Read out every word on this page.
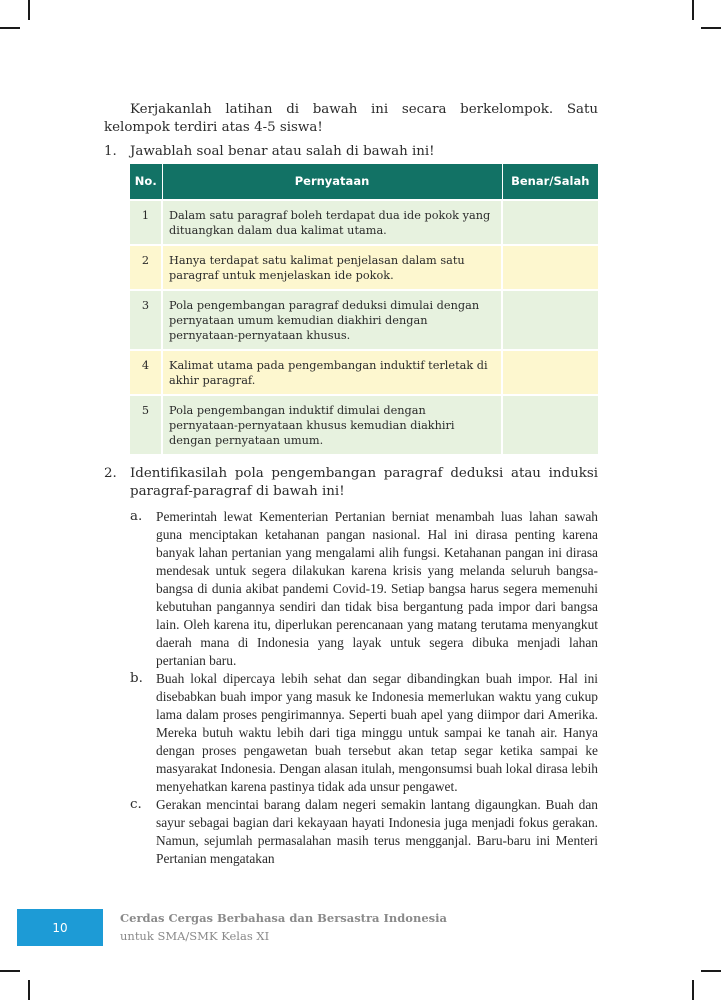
Kerjakanlah latihan di bawah ini secara berkelompok. Satu kelompok terdiri atas 4-5 siswa!

1. Jawablah soal benar atau salah di bawah ini!
No.	Pernyataan	Benar/Salah
1	Dalam satu paragraf boleh terdapat dua ide pokok yang dituangkan dalam dua kalimat utama.	
2	Hanya terdapat satu kalimat penjelasan dalam satu paragraf untuk menjelaskan ide pokok.	
3	Pola pengembangan paragraf deduksi dimulai dengan pernyataan umum kemudian diakhiri dengan pernyataan-pernyataan khusus.	
4	Kalimat utama pada pengembangan induktif terletak di akhir paragraf.	
5	Pola pengembangan induktif dimulai dengan pernyataan-pernyataan khusus kemudian diakhiri dengan pernyataan umum.	
2. Identifikasilah pola pengembangan paragraf deduksi atau induksi paragraf-paragraf di bawah ini!
a. Pemerintah lewat Kementerian Pertanian berniat menambah luas lahan sawah guna menciptakan ketahanan pangan nasional. Hal ini dirasa penting karena banyak lahan pertanian yang mengalami alih fungsi. Ketahanan pangan ini dirasa mendesak untuk segera dilakukan karena krisis yang melanda seluruh bangsa-bangsa di dunia akibat pandemi Covid-19. Setiap bangsa harus segera memenuhi kebutuhan pangannya sendiri dan tidak bisa bergantung pada impor dari bangsa lain. Oleh karena itu, diperlukan perencanaan yang matang terutama menyangkut daerah mana di Indonesia yang layak untuk segera dibuka menjadi lahan pertanian baru.

b. Buah lokal dipercaya lebih sehat dan segar dibandingkan buah impor. Hal ini disebabkan buah impor yang masuk ke Indonesia memerlukan waktu yang cukup lama dalam proses pengirimannya. Seperti buah apel yang diimpor dari Amerika. Mereka butuh waktu lebih dari tiga minggu untuk sampai ke tanah air. Hanya dengan proses pengawetan buah tersebut akan tetap segar ketika sampai ke masyarakat Indonesia. Dengan alasan itulah, mengonsumsi buah lokal dirasa lebih menyehatkan karena pastinya tidak ada unsur pengawet.

c. Gerakan mencintai barang dalam negeri semakin lantang digaungkan. Buah dan sayur sebagai bagian dari kekayaan hayati Indonesia juga menjadi fokus gerakan. Namun, sejumlah permasalahan masih terus mengganjal. Baru-baru ini Menteri Pertanian mengatakan

10
Cerdas Cergas Berbahasa dan Bersastra Indonesia
untuk SMA/SMK Kelas XI
